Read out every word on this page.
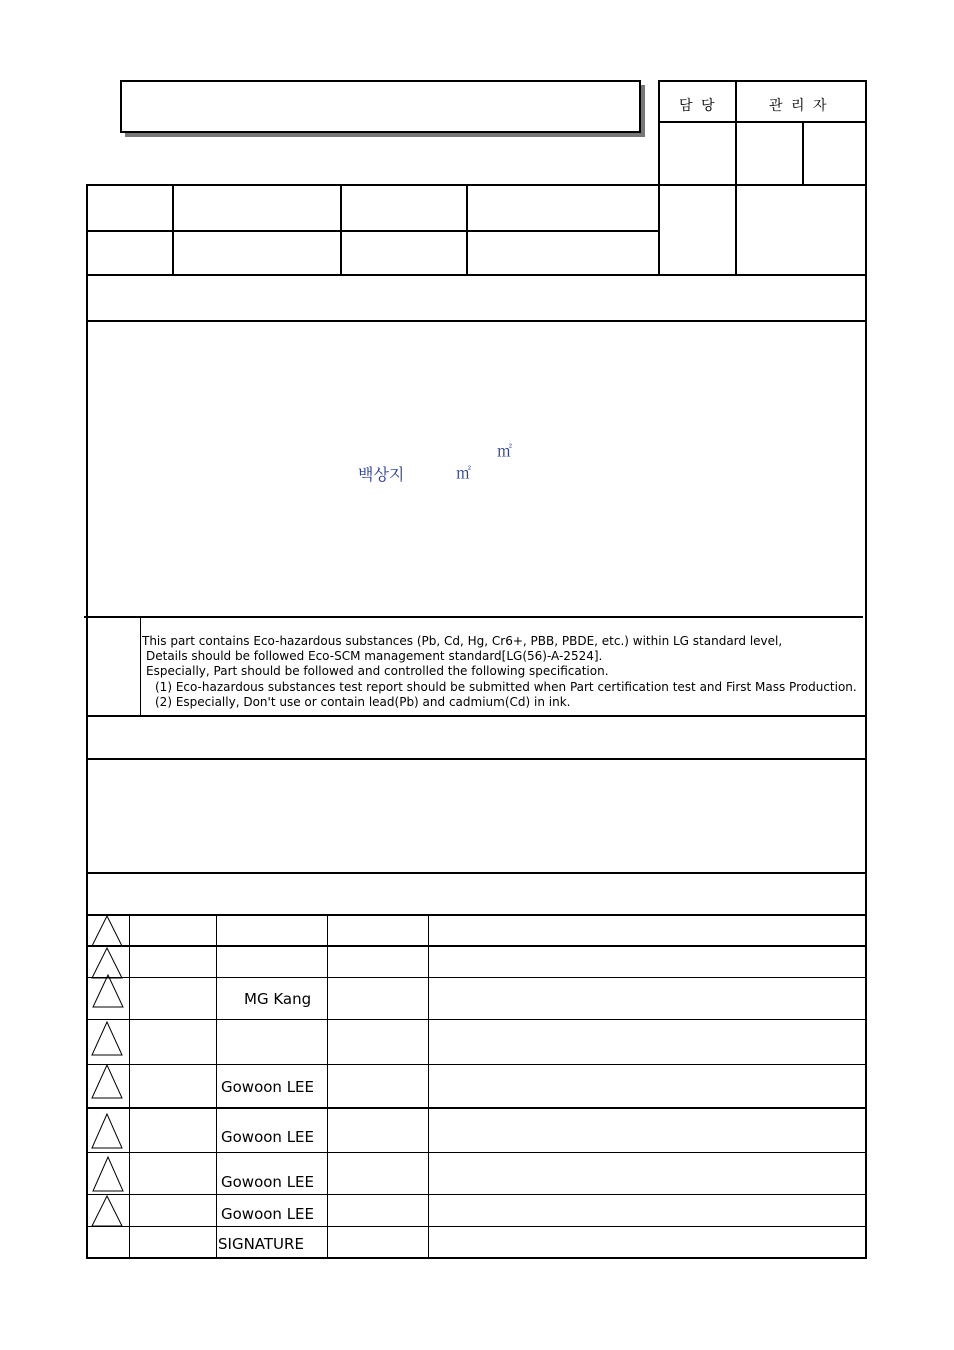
담 당	관 리 자
㎡
백상지	㎡
This part contains Eco-hazardous substances (Pb, Cd, Hg, Cr6+, PBB, PBDE, etc.) within LG standard level,
Details should be followed Eco-SCM management standard[LG(56)-A-2524].
Especially, Part should be followed and controlled the following specification.
(1) Eco-hazardous substances test report should be submitted when Part certification test and First Mass Production.
(2) Especially, Don't use or contain lead(Pb) and cadmium(Cd) in ink.
MG Kang
Gowoon LEE
Gowoon LEE
Gowoon LEE
Gowoon LEE
SIGNATURE
